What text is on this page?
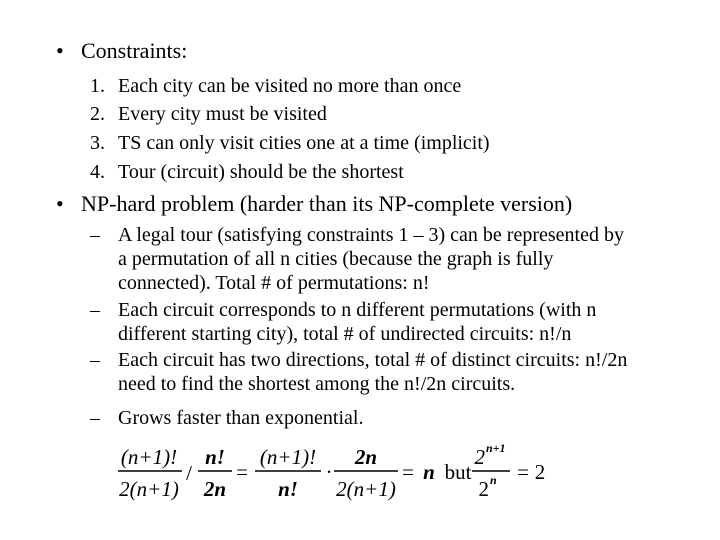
• Constraints:
1. Each city can be visited no more than once
2. Every city must be visited
3. TS can only visit cities one at a time (implicit)
4. Tour (circuit) should be the shortest
• NP-hard problem (harder than its NP-complete version)
– A legal tour (satisfying constraints 1 – 3) can be represented by
a permutation of all n cities (because the graph is fully
connected). Total # of permutations: n!
– Each circuit corresponds to n different permutations (with n
different starting city), total # of undirected circuits: n!/n
– Each circuit has two directions, total # of distinct circuits: n!/2n
need to find the shortest among the n!/2n circuits.
– Grows faster than exponential.
(n+1)!
2(n+1)
/
n!
2n
=
(n+1)!
n!
·
2n
2(n+1)
= n but
2 n+1
2 n = 2
